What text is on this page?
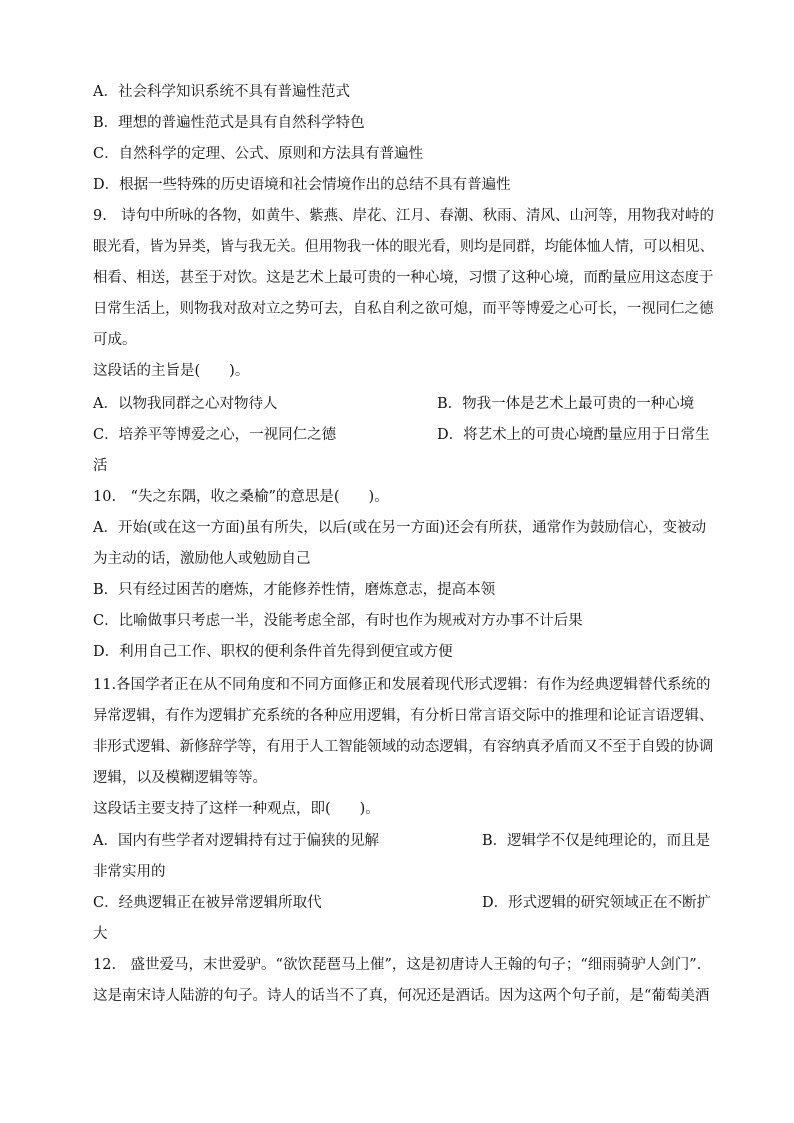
A．社会科学知识系统不具有普遍性范式
B．理想的普遍性范式是具有自然科学特色
C．自然科学的定理、公式、原则和方法具有普遍性
D．根据一些特殊的历史语境和社会情境作出的总结不具有普遍性
9.　诗句中所咏的各物，如黄牛、紫燕、岸花、江月、春潮、秋雨、清风、山河等，用物我对峙的
眼光看，皆为异类，皆与我无关。但用物我一体的眼光看，则均是同群，均能体恤人情，可以相见、
相看、相送，甚至于对饮。这是艺术上最可贵的一种心境，习惯了这种心境，而酌量应用这态度于
日常生活上，则物我对敌对立之势可去，自私自利之欲可熄，而平等博爱之心可长，一视同仁之德
可成。
这段话的主旨是(　　)。
A．以物我同群之心对物待人	B．物我一体是艺术上最可贵的一种心境
C．培养平等博爱之心，一视同仁之德	D．将艺术上的可贵心境酌量应用于日常生
活
10.　“失之东隅，收之桑榆”的意思是(　　)。
A．开始(或在这一方面)虽有所失，以后(或在另一方面)还会有所获，通常作为鼓励信心，变被动
为主动的话，激励他人或勉励自己
B．只有经过困苦的磨炼，才能修养性情，磨炼意志，提高本领
C．比喻做事只考虑一半，没能考虑全部，有时也作为规戒对方办事不计后果
D．利用自己工作、职权的便利条件首先得到便宜或方便
11.各国学者正在从不同角度和不同方面修正和发展着现代形式逻辑：有作为经典逻辑替代系统的
异常逻辑，有作为逻辑扩充系统的各种应用逻辑，有分析日常言语交际中的推理和论证言语逻辑、
非形式逻辑、新修辞学等，有用于人工智能领域的动态逻辑，有容纳真矛盾而又不至于自毁的协调
逻辑，以及模糊逻辑等等。
这段话主要支持了这样一种观点，即(　　)。
A．国内有些学者对逻辑持有过于偏狭的见解	B．逻辑学不仅是纯理论的，而且是
非常实用的
C．经典逻辑正在被异常逻辑所取代	D．形式逻辑的研究领域正在不断扩
大
12.　盛世爱马，末世爱驴。“欲饮琵琶马上催”，这是初唐诗人王翰的句子；“细雨骑驴人剑门”.
这是南宋诗人陆游的句子。诗人的话当不了真，何况还是酒话。因为这两个句子前，是“葡萄美酒
